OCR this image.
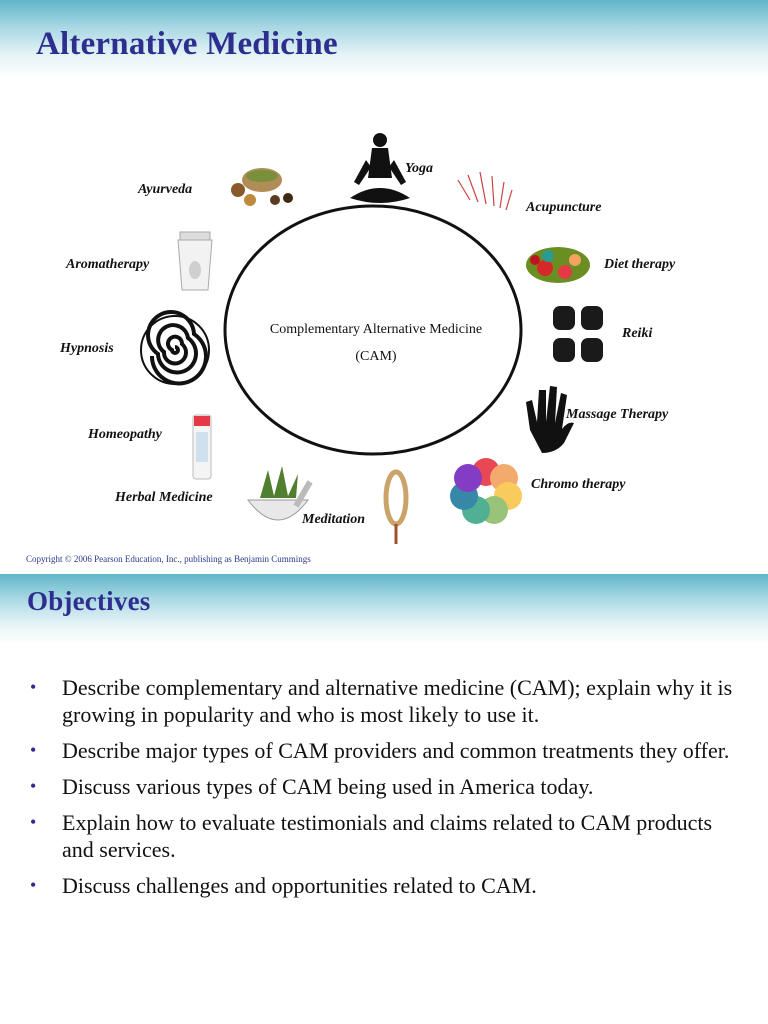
Alternative Medicine
Complementary Alternative Medicine
(CAM)
Yoga
Acupuncture
Diet therapy
Reiki
Massage Therapy
Chromo therapy
Meditation
Herbal Medicine
Homeopathy
Hypnosis
Aromatherapy
Ayurveda

Copyright © 2006 Pearson Education, Inc., publishing as Benjamin Cummings

Objectives
• Describe complementary and alternative medicine (CAM); explain why it is growing in popularity and who is most likely to use it.
• Describe major types of CAM providers and common treatments they offer.
• Discuss various types of CAM being used in America today.
• Explain how to evaluate testimonials and claims related to CAM products and services.
• Discuss challenges and opportunities related to CAM.
